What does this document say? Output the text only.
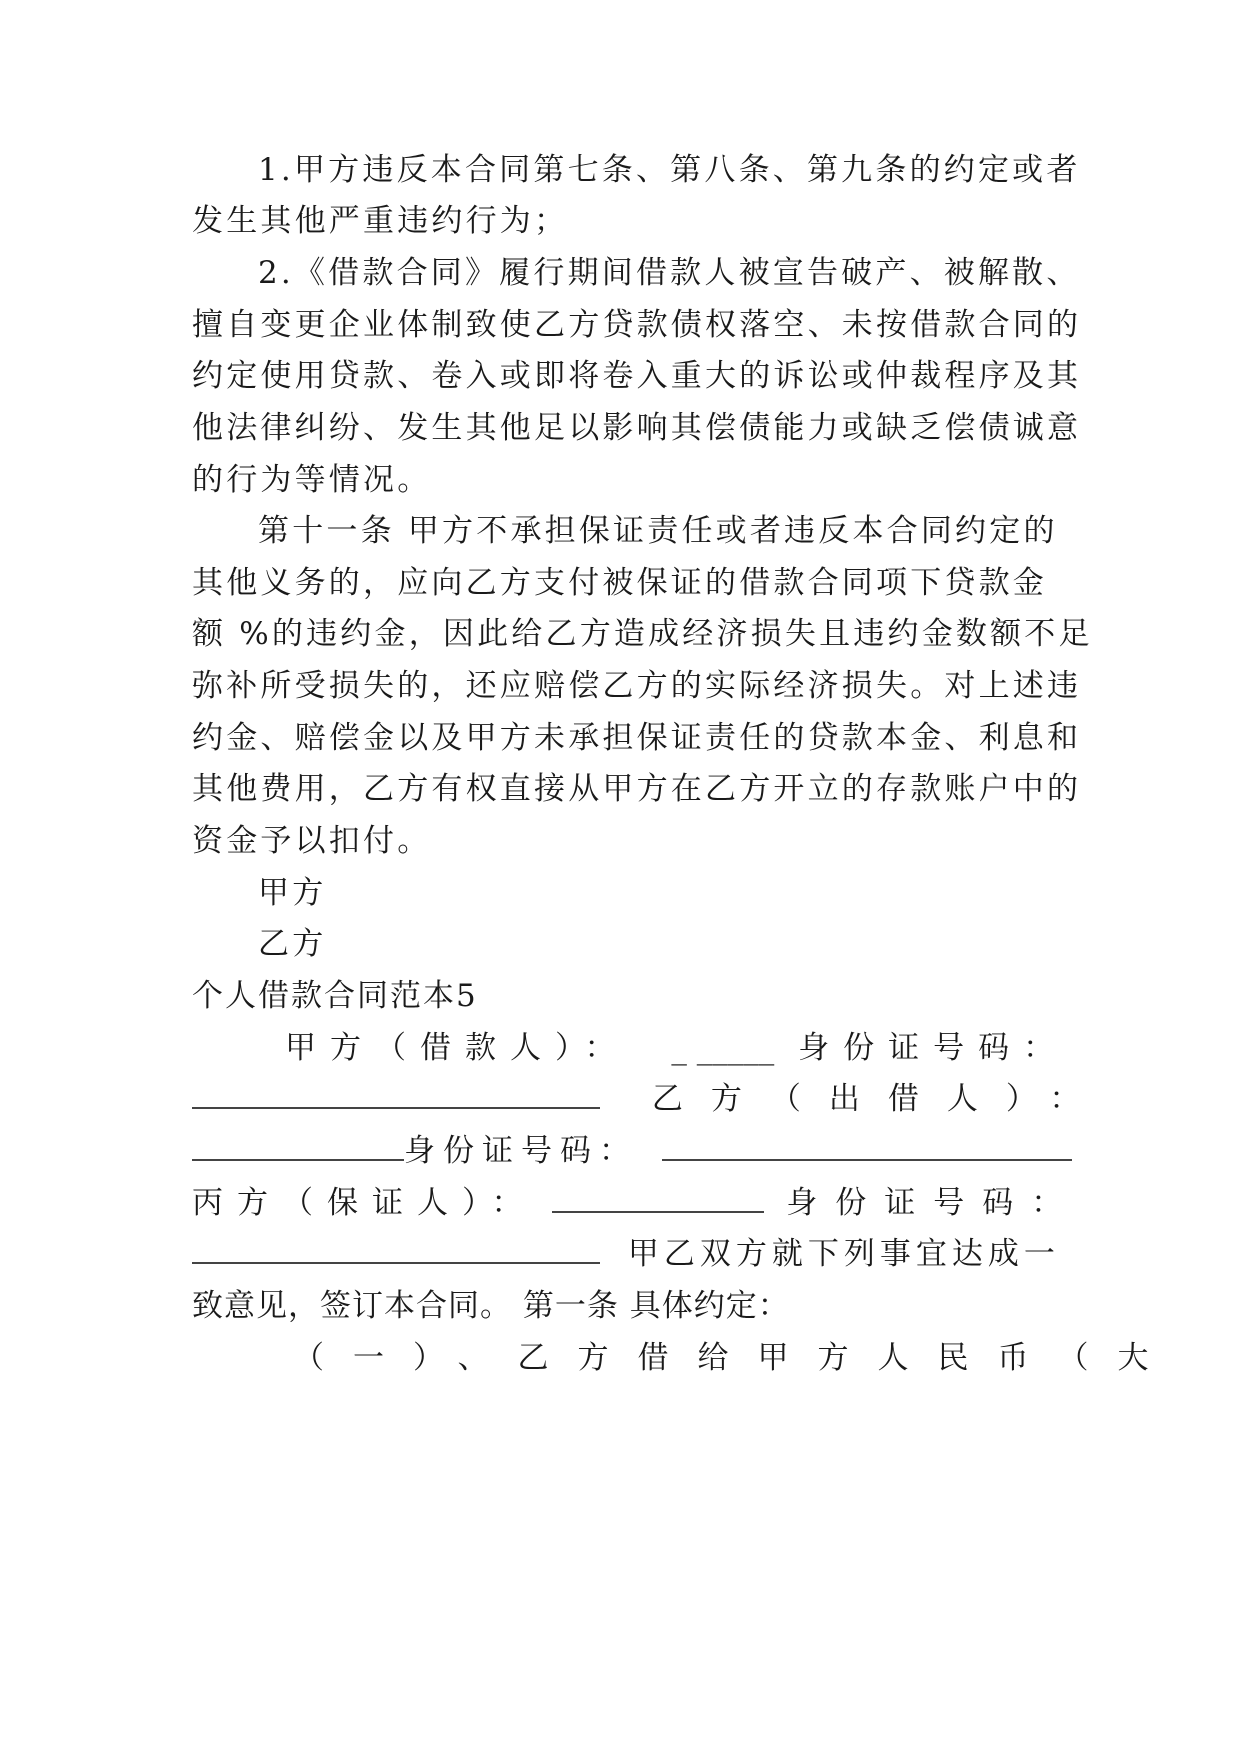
1.甲方违反本合同第七条、第八条、第九条的约定或者
发生其他严重违约行为；
2.《借款合同》履行期间借款人被宣告破产、被解散、
擅自变更企业体制致使乙方贷款债权落空、未按借款合同的
约定使用贷款、卷入或即将卷入重大的诉讼或仲裁程序及其
他法律纠纷、发生其他足以影响其偿债能力或缺乏偿债诚意
的行为等情况。
第十一条 甲方不承担保证责任或者违反本合同约定的
其他义务的，应向乙方支付被保证的借款合同项下贷款金
额 %的违约金，因此给乙方造成经济损失且违约金数额不足
弥补所受损失的，还应赔偿乙方的实际经济损失。对上述违
约金、赔偿金以及甲方未承担保证责任的贷款本金、利息和
其他费用，乙方有权直接从甲方在乙方开立的存款账户中的
资金予以扣付。
甲方
乙方
个人借款合同范本5
甲方（借款人）： _ _____ 身份证号码：
乙方（出借人）：
身份证号码：
丙方（保证人）：	身份证号码：
甲乙双方就下列事宜达成一
致意见，签订本合同。 第一条 具体约定：
（一）、乙方借给甲方人民币（大
